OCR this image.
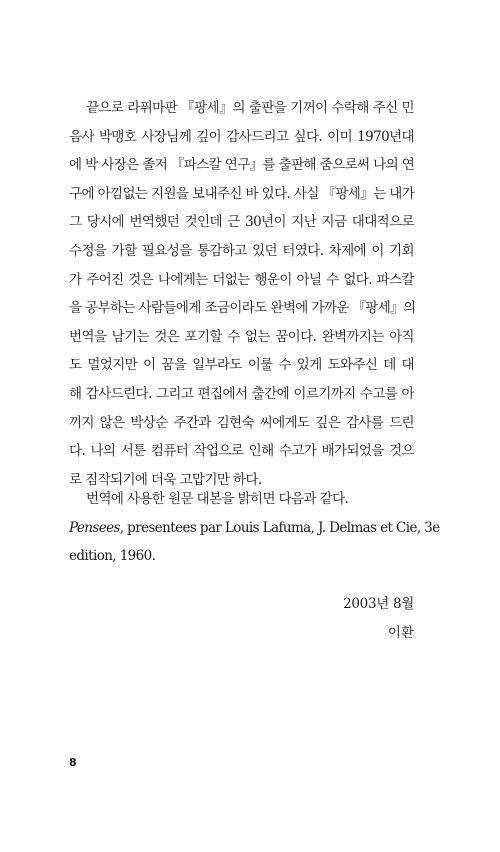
끝으로 라퓌마판 『팡세』의 출판을 기꺼이 수락해 주신 민
음사 박맹호 사장님께 깊이 감사드리고 싶다. 이미 1970년대
에 박 사장은 졸저 『파스칼 연구』를 출판해 줌으로써 나의 연
구에 아낌없는 지원을 보내주신 바 있다. 사실 『팡세』는 내가
그 당시에 번역했던 것인데 근 30년이 지난 지금 대대적으로
수정을 가할 필요성을 통감하고 있던 터였다. 차제에 이 기회
가 주어진 것은 나에게는 더없는 행운이 아닐 수 없다. 파스칼
을 공부하는 사람들에게 조금이라도 완벽에 가까운 『팡세』의
번역을 남기는 것은 포기할 수 없는 꿈이다. 완벽까지는 아직
도 멀었지만 이 꿈을 일부라도 이룰 수 있게 도와주신 데 대
해 감사드린다. 그리고 편집에서 출간에 이르기까지 수고를 아
끼지 않은 박상순 주간과 김현숙 씨에게도 깊은 감사를 드린
다. 나의 서툰 컴퓨터 작업으로 인해 수고가 배가되었을 것으
로 짐작되기에 더욱 고맙기만 하다.
번역에 사용한 원문 대본을 밝히면 다음과 같다.
Pensees, presentees par Louis Lafuma, J. Delmas et Cie, 3e
edition, 1960.
2003년 8월
이환
8
